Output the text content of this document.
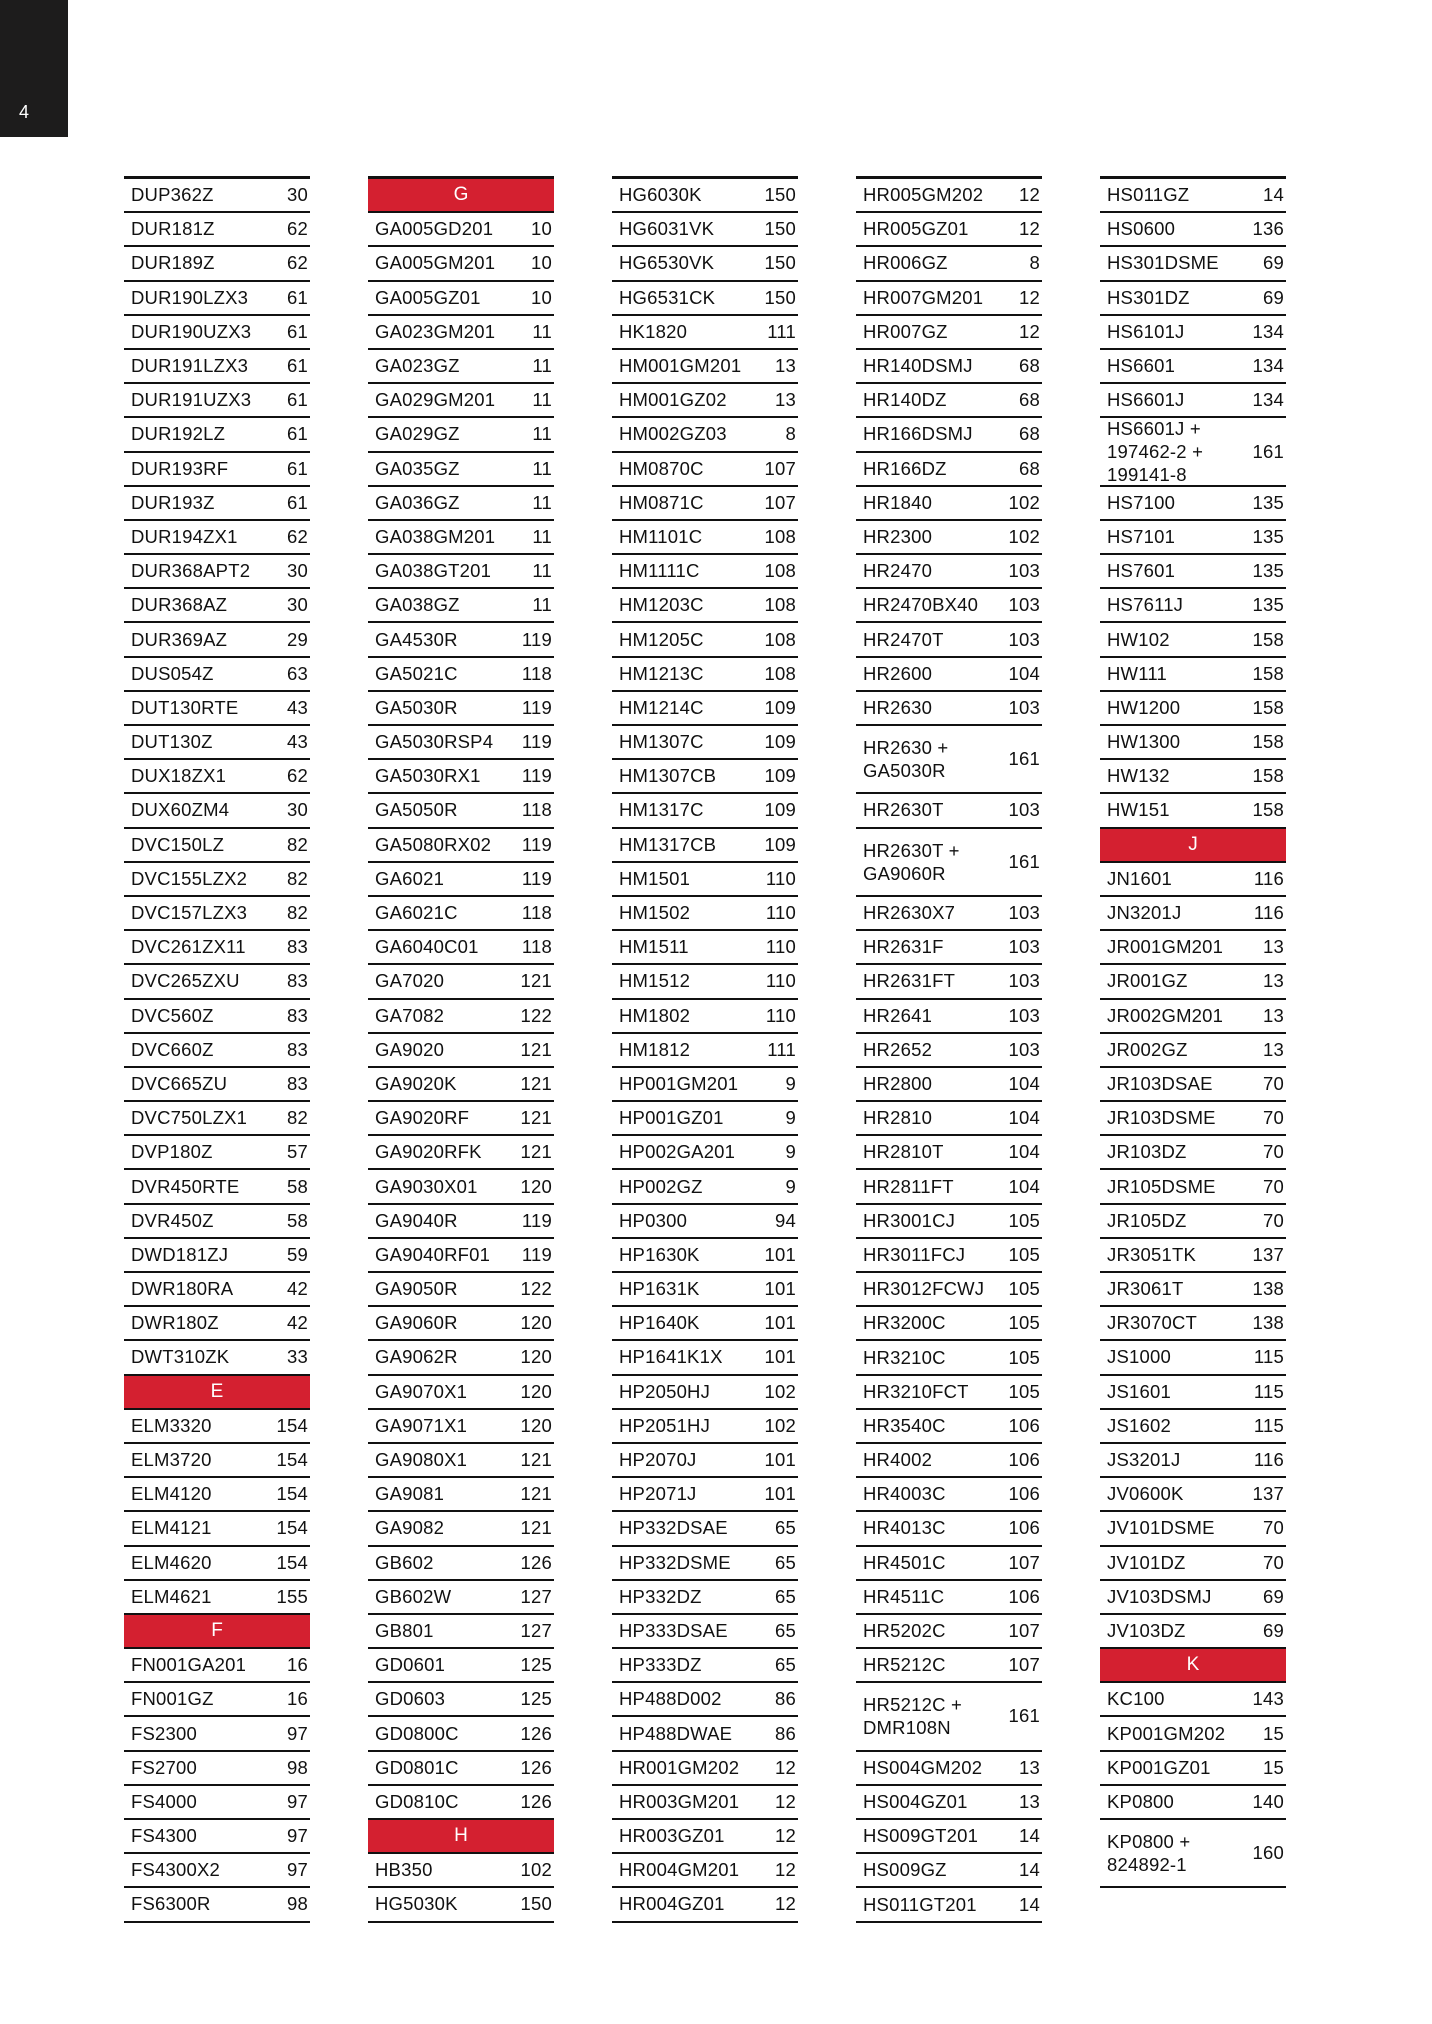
4
DUP362Z	30
DUR181Z	62
DUR189Z	62
DUR190LZX3 61
DUR190UZX3 61
DUR191LZX3 61
DUR191UZX3 61
DUR192LZ	61
DUR193RF	61
DUR193Z	61
DUR194ZX1	62
DUR368APT2 30
DUR368AZ	30
DUR369AZ	29
DUS054Z	63
DUT130RTE	43
DUT130Z	43
DUX18ZX1	62
DUX60ZM4	30
DVC150LZ	82
DVC155LZX2 82
DVC157LZX3 82
DVC261ZX11 83
DVC265ZXU	83
DVC560Z	83
DVC660Z	83
DVC665ZU	83
DVC750LZX1 82
DVP180Z	57
DVR450RTE	58
DVR450Z	58
DWD181ZJ	59
DWR180RA	42
DWR180Z	42
DWT310ZK	33
E
ELM3320	154
ELM3720	154
ELM4120	154
ELM4121	154
ELM4620	154
ELM4621	155
F
FN001GA201 16
FN001GZ	16
FS2300	97
FS2700	98
FS4000	97
FS4300	97
FS4300X2	97
FS6300R	98
G
GA005GD201 10
GA005GM201 10
GA005GZ01	10
GA023GM201 11
GA023GZ	11
GA029GM201 11
GA029GZ	11
GA035GZ	11
GA036GZ	11
GA038GM201 11
GA038GT201 11
GA038GZ	11
GA4530R	119
GA5021C	118
GA5030R	119
GA5030RSP4 119
GA5030RX1 119
GA5050R	118
GA5080RX02 119
GA6021	119
GA6021C	118
GA6040C01 118
GA7020	121
GA7082	122
GA9020	121
GA9020K	121
GA9020RF	121
GA9020RFK 121
GA9030X01 120
GA9040R	119
GA9040RF01 119
GA9050R	122
GA9060R	120
GA9062R	120
GA9070X1	120
GA9071X1	120
GA9080X1	121
GA9081	121
GA9082	121
GB602	126
GB602W	127
GB801	127
GD0601	125
GD0603	125
GD0800C	126
GD0801C	126
GD0810C	126
H
HB350	102
HG5030K	150
HG6030K	150
HG6031VK	150
HG6530VK	150
HG6531CK	150
HK1820	111
HM001GM201 13
HM001GZ02	13
HM002GZ03	8
HM0870C	107
HM0871C	107
HM1101C	108
HM1111C	108
HM1203C	108
HM1205C	108
HM1213C	108
HM1214C	109
HM1307C	109
HM1307CB	109
HM1317C	109
HM1317CB	109
HM1501	110
HM1502	110
HM1511	110
HM1512	110
HM1802	110
HM1812	111
HP001GM201	9
HP001GZ01	9
HP002GA201	9
HP002GZ	9
HP0300	94
HP1630K	101
HP1631K	101
HP1640K	101
HP1641K1X 101
HP2050HJ	102
HP2051HJ	102
HP2070J	101
HP2071J	101
HP332DSAE	65
HP332DSME 65
HP332DZ	65
HP333DSAE	65
HP333DZ	65
HP488D002	86
HP488DWAE 86
HR001GM202 12
HR003GM201 12
HR003GZ01	12
HR004GM201 12
HR004GZ01	12
HR005GM202 12
HR005GZ01	12
HR006GZ	8
HR007GM201 12
HR007GZ	12
HR140DSMJ	68
HR140DZ	68
HR166DSMJ	68
HR166DZ	68
HR1840	102
HR2300	102
HR2470	103
HR2470BX40 103
HR2470T	103
HR2600	104
HR2630	103
HR2630 +
GA5030R
161
HR2630T	103
HR2630T +
GA9060R
161
HR2630X7	103
HR2631F	103
HR2631FT	103
HR2641	103
HR2652	103
HR2800	104
HR2810	104
HR2810T	104
HR2811FT	104
HR3001CJ	105
HR3011FCJ 105
HR3012FCWJ 105
HR3200C	105
HR3210C	105
HR3210FCT 105
HR3540C	106
HR4002	106
HR4003C	106
HR4013C	106
HR4501C	107
HR4511C	106
HR5202C	107
HR5212C	107
HR5212C +
DMR108N
161
HS004GM202 13
HS004GZ01	13
HS009GT201 14
HS009GZ	14
HS011GT201 14
HS011GZ	14
HS0600	136
HS301DSME 69
HS301DZ	69
HS6101J	134
HS6601	134
HS6601J	134
HS6601J +
197462-2 +
199141-8
161
HS7100	135
HS7101	135
HS7601	135
HS7611J	135
HW102	158
HW111	158
HW1200	158
HW1300	158
HW132	158
HW151	158
J
JN1601	116
JN3201J	116
JR001GM201 13
JR001GZ	13
JR002GM201 13
JR002GZ	13
JR103DSAE	70
JR103DSME	70
JR103DZ	70
JR105DSME	70
JR105DZ	70
JR3051TK	137
JR3061T	138
JR3070CT	138
JS1000	115
JS1601	115
JS1602	115
JS3201J	116
JV0600K	137
JV101DSME	70
JV101DZ	70
JV103DSMJ	69
JV103DZ	69
K
KC100	143
KP001GM202 15
KP001GZ01	15
KP0800	140
KP0800 +
824892-1
160
